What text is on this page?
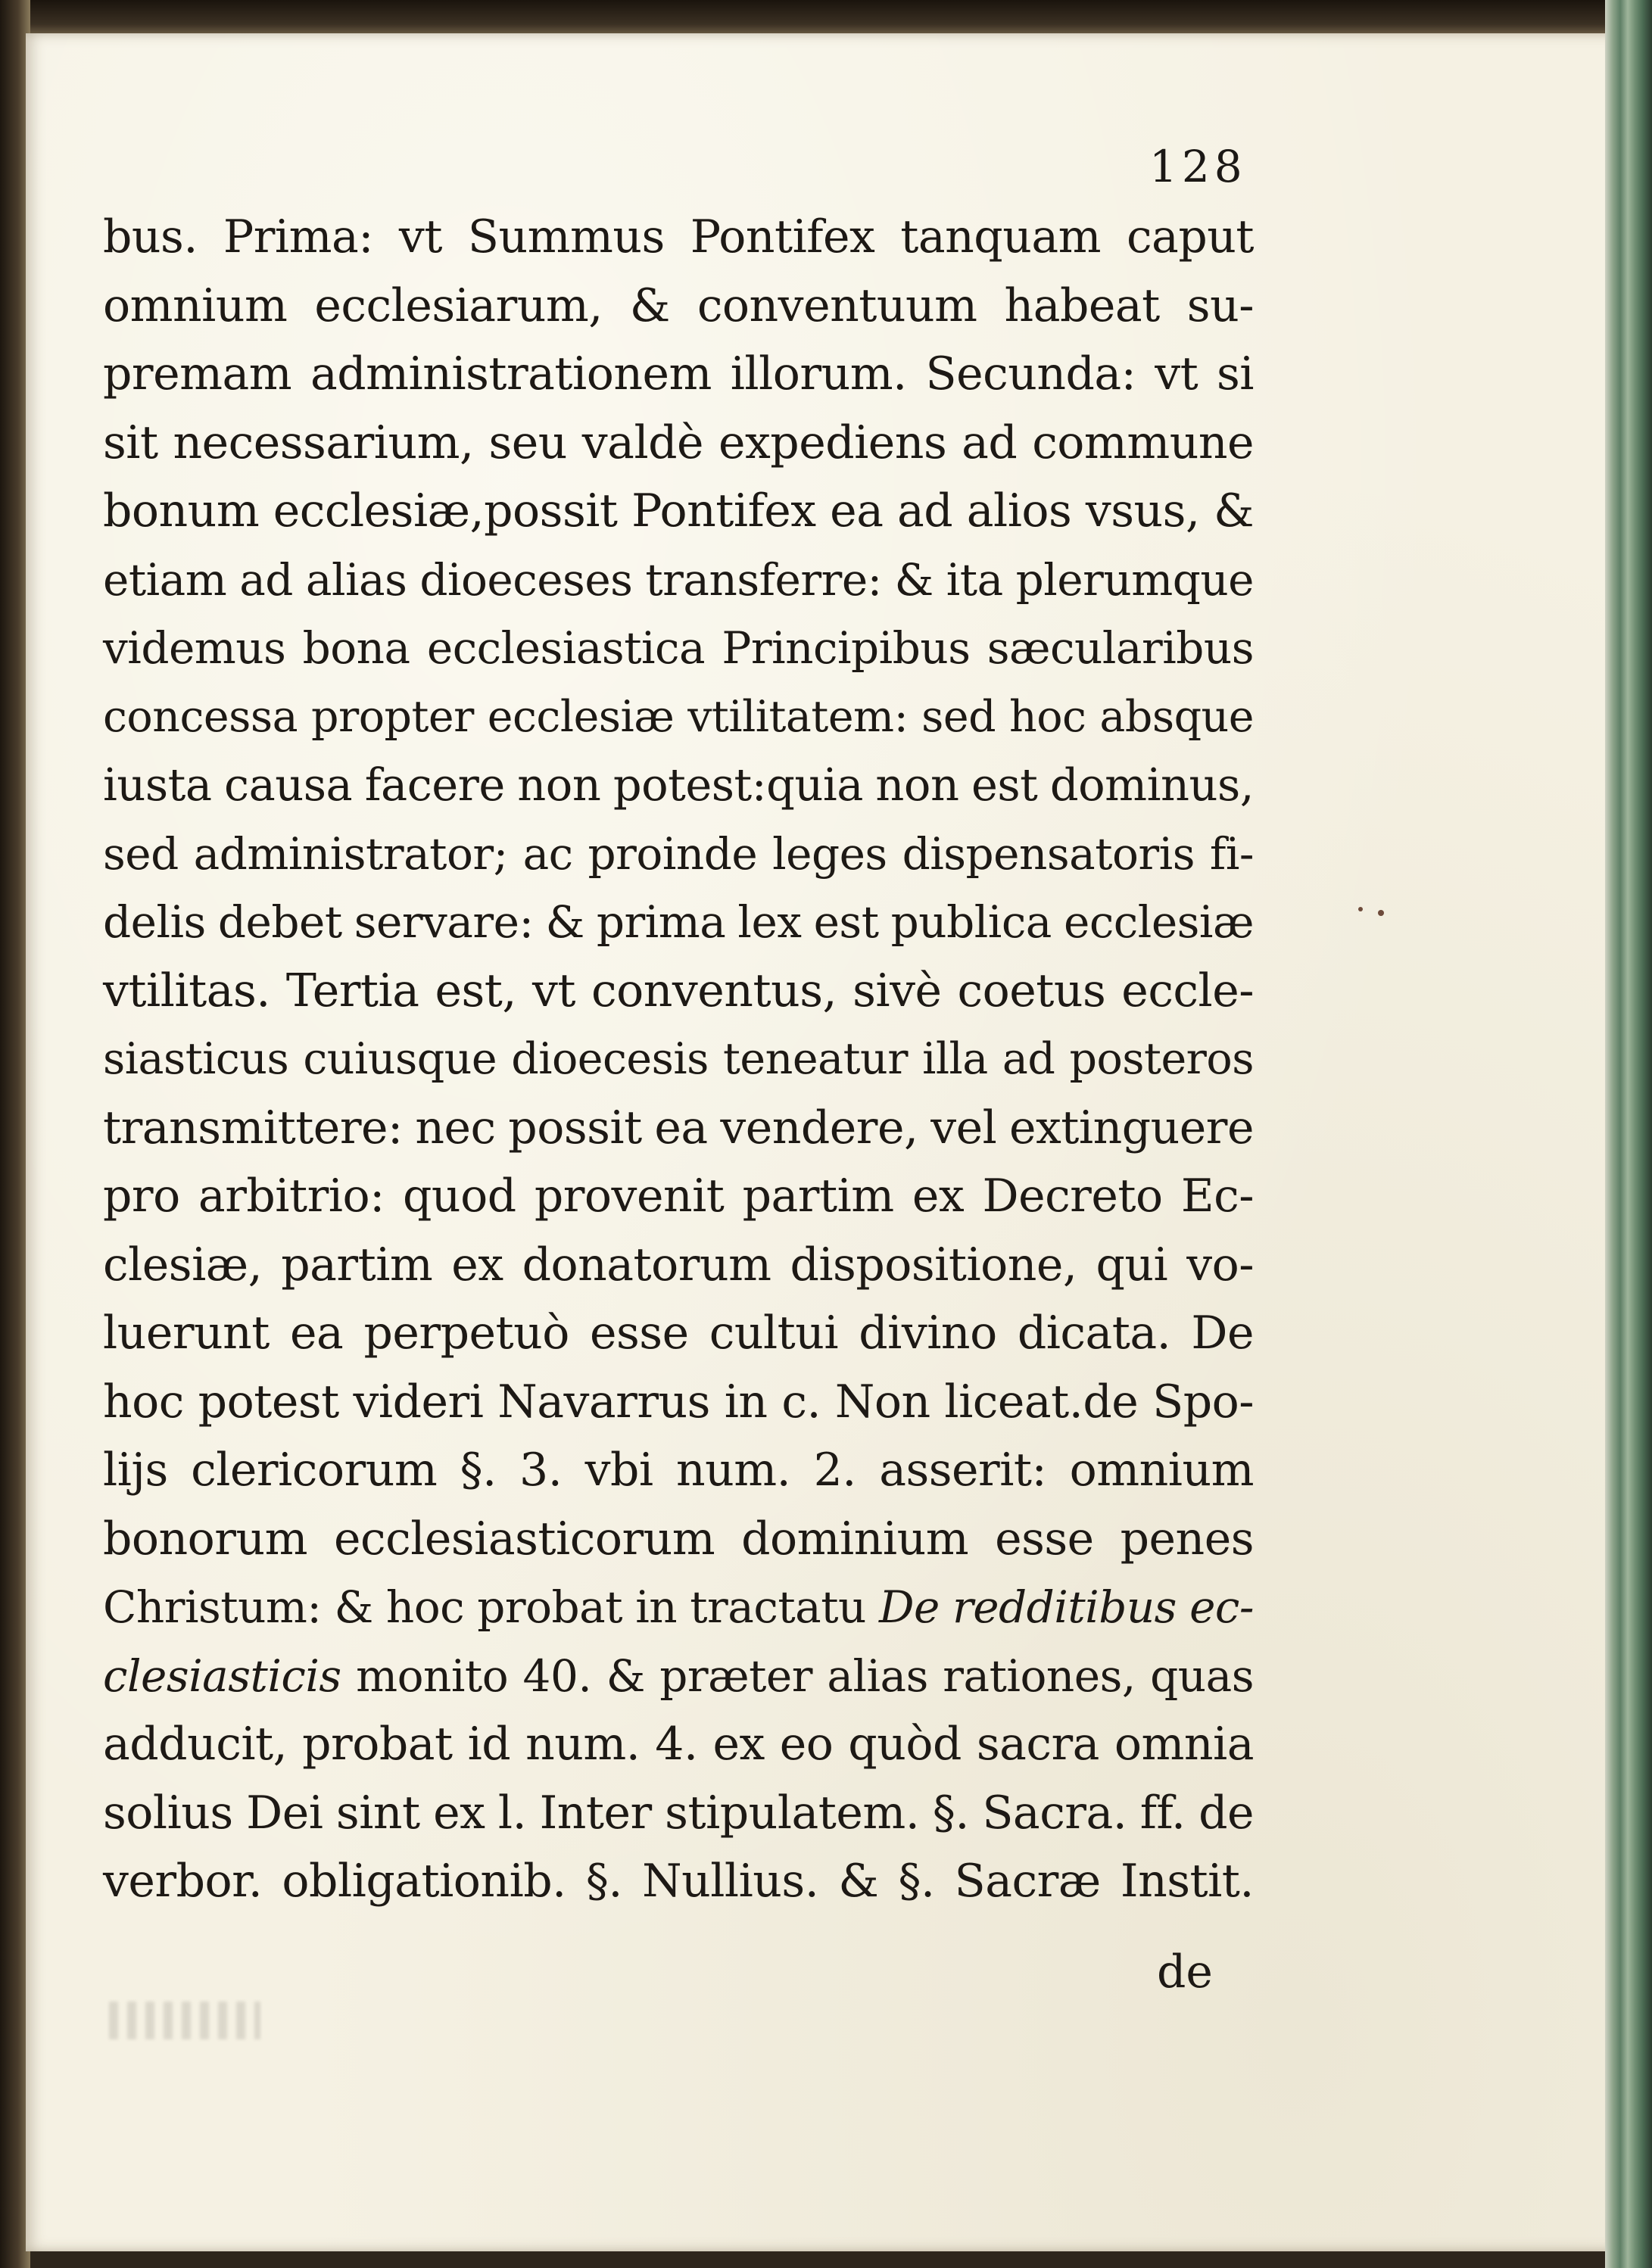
128
bus. Prima: vt Summus Pontifex tanquam caput
omnium ecclesiarum, & conventuum habeat su-
premam administrationem illorum. Secunda: vt si
sit necessarium, seu valdè expediens ad commune
bonum ecclesiæ,possit Pontifex ea ad alios vsus, &
etiam ad alias dioeceses transferre: & ita plerumque
videmus bona ecclesiastica Principibus sæcularibus
concessa propter ecclesiæ vtilitatem: sed hoc absque
iusta causa facere non potest:quia non est dominus,
sed administrator; ac proinde leges dispensatoris fi-
delis debet servare: & prima lex est publica ecclesiæ
vtilitas. Tertia est, vt conventus, sivè coetus eccle-
siasticus cuiusque dioecesis teneatur illa ad posteros
transmittere: nec possit ea vendere, vel extinguere
pro arbitrio: quod provenit partim ex Decreto Ec-
clesiæ, partim ex donatorum dispositione, qui vo-
luerunt ea perpetuò esse cultui divino dicata. De
hoc potest videri Navarrus in c. Non liceat.de Spo-
lijs clericorum §. 3. vbi num. 2. asserit: omnium
bonorum ecclesiasticorum dominium esse penes
Christum: & hoc probat in tractatu De redditibus ec-
clesiasticis monito 40. & præter alias rationes, quas
adducit, probat id num. 4. ex eo quòd sacra omnia
solius Dei sint ex l. Inter stipulatem. §. Sacra. ff. de
verbor. obligationib. §. Nullius. & §. Sacræ Instit.
de
